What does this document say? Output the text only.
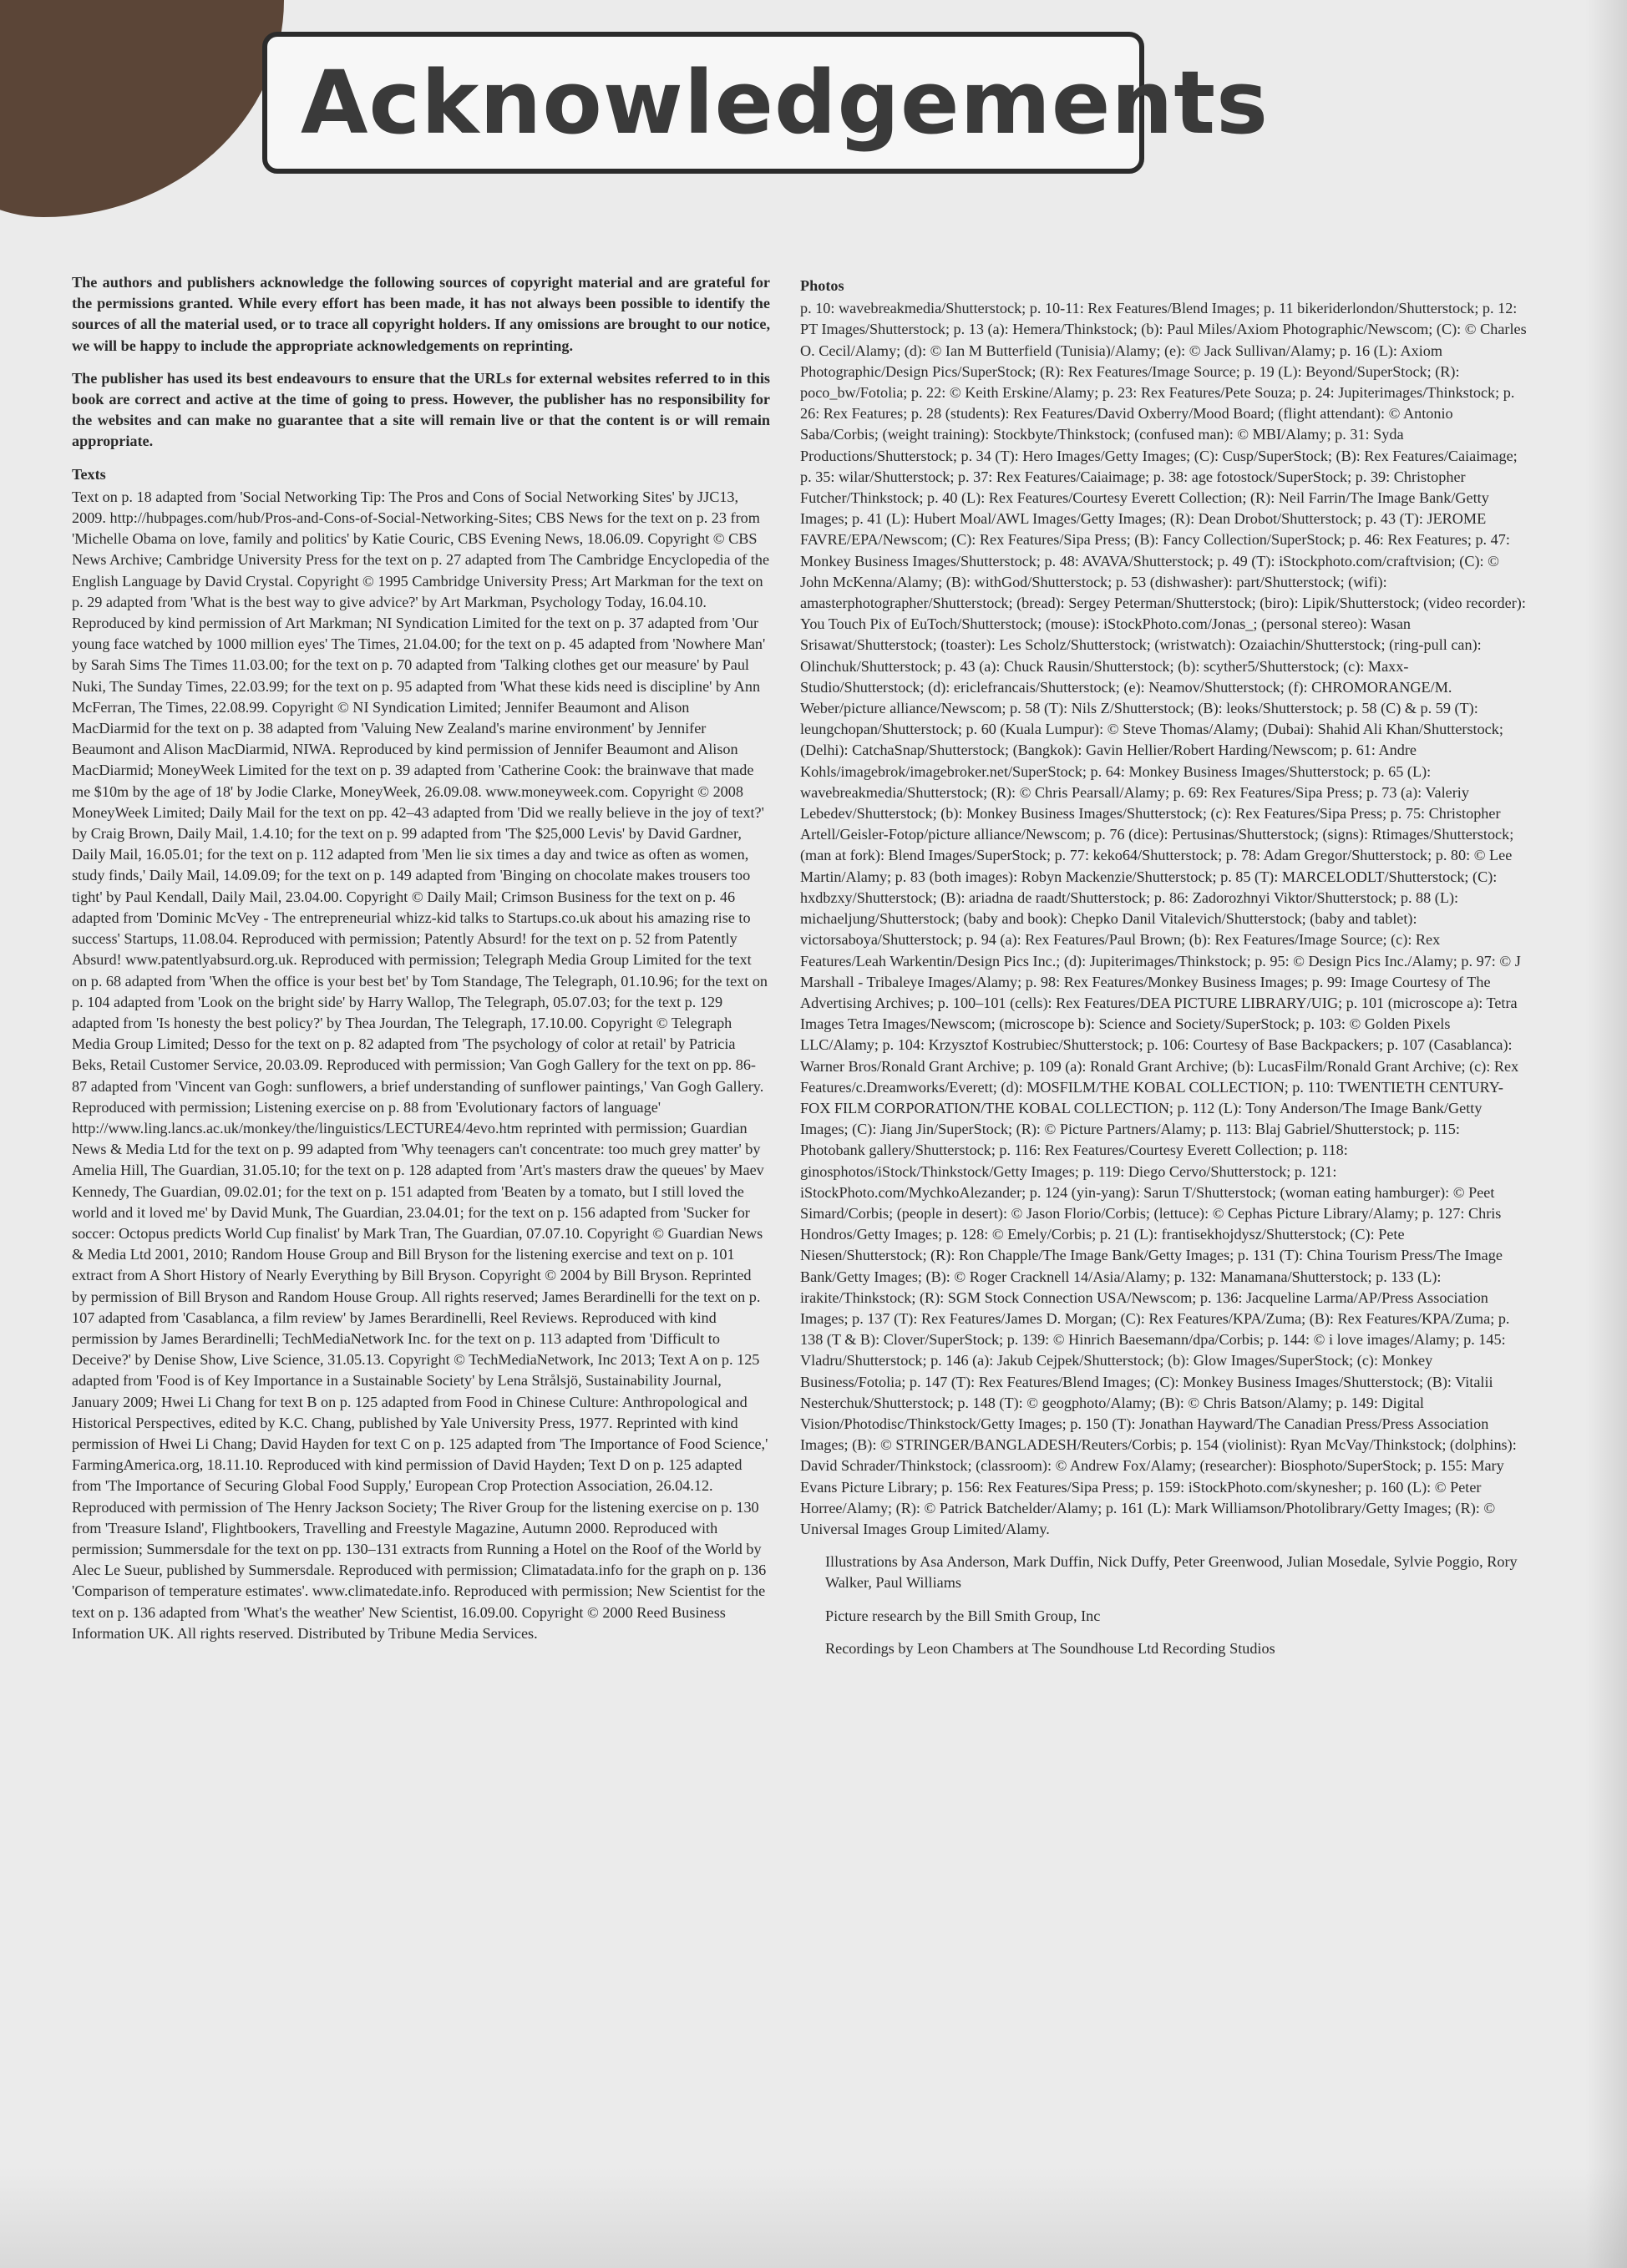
Acknowledgements

The authors and publishers acknowledge the following sources of copyright material and are grateful for the permissions granted. While every effort has been made, it has not always been possible to identify the sources of all the material used, or to trace all copyright holders. If any omissions are brought to our notice, we will be happy to include the appropriate acknowledgements on reprinting.

The publisher has used its best endeavours to ensure that the URLs for external websites referred to in this book are correct and active at the time of going to press. However, the publisher has no responsibility for the websites and can make no guarantee that a site will remain live or that the content is or will remain appropriate.

Texts

Text on p. 18 adapted from 'Social Networking Tip: The Pros and Cons of Social Networking Sites' by JJC13, 2009. http://hubpages.com/hub/Pros-and-Cons-of-Social-Networking-Sites; CBS News for the text on p. 23 from 'Michelle Obama on love, family and politics' by Katie Couric, CBS Evening News, 18.06.09. Copyright © CBS News Archive; Cambridge University Press for the text on p. 27 adapted from The Cambridge Encyclopedia of the English Language by David Crystal. Copyright © 1995 Cambridge University Press; Art Markman for the text on p. 29 adapted from 'What is the best way to give advice?' by Art Markman, Psychology Today, 16.04.10. Reproduced by kind permission of Art Markman; NI Syndication Limited for the text on p. 37 adapted from 'Our young face watched by 1000 million eyes' The Times, 21.04.00; for the text on p. 45 adapted from 'Nowhere Man' by Sarah Sims The Times 11.03.00; for the text on p. 70 adapted from 'Talking clothes get our measure' by Paul Nuki, The Sunday Times, 22.03.99; for the text on p. 95 adapted from 'What these kids need is discipline' by Ann McFerran, The Times, 22.08.99. Copyright © NI Syndication Limited; Jennifer Beaumont and Alison MacDiarmid for the text on p. 38 adapted from 'Valuing New Zealand's marine environment' by Jennifer Beaumont and Alison MacDiarmid, NIWA. Reproduced by kind permission of Jennifer Beaumont and Alison MacDiarmid; MoneyWeek Limited for the text on p. 39 adapted from 'Catherine Cook: the brainwave that made me $10m by the age of 18' by Jodie Clarke, MoneyWeek, 26.09.08. www.moneyweek.com. Copyright © 2008 MoneyWeek Limited; Daily Mail for the text on pp. 42–43 adapted from 'Did we really believe in the joy of text?' by Craig Brown, Daily Mail, 1.4.10; for the text on p. 99 adapted from 'The $25,000 Levis' by David Gardner, Daily Mail, 16.05.01; for the text on p. 112 adapted from 'Men lie six times a day and twice as often as women, study finds,' Daily Mail, 14.09.09; for the text on p. 149 adapted from 'Binging on chocolate makes trousers too tight' by Paul Kendall, Daily Mail, 23.04.00. Copyright © Daily Mail; Crimson Business for the text on p. 46 adapted from 'Dominic McVey - The entrepreneurial whizz-kid talks to Startups.co.uk about his amazing rise to success' Startups, 11.08.04. Reproduced with permission; Patently Absurd! for the text on p. 52 from Patently Absurd! www.patentlyabsurd.org.uk. Reproduced with permission; Telegraph Media Group Limited for the text on p. 68 adapted from 'When the office is your best bet' by Tom Standage, The Telegraph, 01.10.96; for the text on p. 104 adapted from 'Look on the bright side' by Harry Wallop, The Telegraph, 05.07.03; for the text p. 129 adapted from 'Is honesty the best policy?' by Thea Jourdan, The Telegraph, 17.10.00. Copyright © Telegraph Media Group Limited; Desso for the text on p. 82 adapted from 'The psychology of color at retail' by Patricia Beks, Retail Customer Service, 20.03.09. Reproduced with permission; Van Gogh Gallery for the text on pp. 86-87 adapted from 'Vincent van Gogh: sunflowers, a brief understanding of sunflower paintings,' Van Gogh Gallery. Reproduced with permission; Listening exercise on p. 88 from 'Evolutionary factors of language' http://www.ling.lancs.ac.uk/monkey/the/linguistics/LECTURE4/4evo.htm reprinted with permission; Guardian News & Media Ltd for the text on p. 99 adapted from 'Why teenagers can't concentrate: too much grey matter' by Amelia Hill, The Guardian, 31.05.10; for the text on p. 128 adapted from 'Art's masters draw the queues' by Maev Kennedy, The Guardian, 09.02.01; for the text on p. 151 adapted from 'Beaten by a tomato, but I still loved the world and it loved me' by David Munk, The Guardian, 23.04.01; for the text on p. 156 adapted from 'Sucker for soccer: Octopus predicts World Cup finalist' by Mark Tran, The Guardian, 07.07.10. Copyright © Guardian News & Media Ltd 2001, 2010; Random House Group and Bill Bryson for the listening exercise and text on p. 101 extract from A Short History of Nearly Everything by Bill Bryson. Copyright © 2004 by Bill Bryson. Reprinted by permission of Bill Bryson and Random House Group. All rights reserved; James Berardinelli for the text on p. 107 adapted from 'Casablanca, a film review' by James Berardinelli, Reel Reviews. Reproduced with kind permission by James Berardinelli; TechMediaNetwork Inc. for the text on p. 113 adapted from 'Difficult to Deceive?' by Denise Show, Live Science, 31.05.13. Copyright © TechMediaNetwork, Inc 2013; Text A on p. 125 adapted from 'Food is of Key Importance in a Sustainable Society' by Lena Strålsjö, Sustainability Journal, January 2009; Hwei Li Chang for text B on p. 125 adapted from Food in Chinese Culture: Anthropological and Historical Perspectives, edited by K.C. Chang, published by Yale University Press, 1977. Reprinted with kind permission of Hwei Li Chang; David Hayden for text C on p. 125 adapted from 'The Importance of Food Science,' FarmingAmerica.org, 18.11.10. Reproduced with kind permission of David Hayden; Text D on p. 125 adapted from 'The Importance of Securing Global Food Supply,' European Crop Protection Association, 26.04.12. Reproduced with permission of The Henry Jackson Society; The River Group for the listening exercise on p. 130 from 'Treasure Island', Flightbookers, Travelling and Freestyle Magazine, Autumn 2000. Reproduced with permission; Summersdale for the text on pp. 130–131 extracts from Running a Hotel on the Roof of the World by Alec Le Sueur, published by Summersdale. Reproduced with permission; Climatadata.info for the graph on p. 136 'Comparison of temperature estimates'. www.climatedate.info. Reproduced with permission; New Scientist for the text on p. 136 adapted from 'What's the weather' New Scientist, 16.09.00. Copyright © 2000 Reed Business Information UK. All rights reserved. Distributed by Tribune Media Services.

Photos

p. 10: wavebreakmedia/Shutterstock; p. 10-11: Rex Features/Blend Images; p. 11 bikeriderlondon/Shutterstock; p. 12: PT Images/Shutterstock; p. 13 (a): Hemera/Thinkstock; (b): Paul Miles/Axiom Photographic/Newscom; (C): © Charles O. Cecil/Alamy; (d): © Ian M Butterfield (Tunisia)/Alamy; (e): © Jack Sullivan/Alamy; p. 16 (L): Axiom Photographic/Design Pics/SuperStock; (R): Rex Features/Image Source; p. 19 (L): Beyond/SuperStock; (R): poco_bw/Fotolia; p. 22: © Keith Erskine/Alamy; p. 23: Rex Features/Pete Souza; p. 24: Jupiterimages/Thinkstock; p. 26: Rex Features; p. 28 (students): Rex Features/David Oxberry/Mood Board; (flight attendant): © Antonio Saba/Corbis; (weight training): Stockbyte/Thinkstock; (confused man): © MBI/Alamy; p. 31: Syda Productions/Shutterstock; p. 34 (T): Hero Images/Getty Images; (C): Cusp/SuperStock; (B): Rex Features/Caiaimage; p. 35: wilar/Shutterstock; p. 37: Rex Features/Caiaimage; p. 38: age fotostock/SuperStock; p. 39: Christopher Futcher/Thinkstock; p. 40 (L): Rex Features/Courtesy Everett Collection; (R): Neil Farrin/The Image Bank/Getty Images; p. 41 (L): Hubert Moal/AWL Images/Getty Images; (R): Dean Drobot/Shutterstock; p. 43 (T): JEROME FAVRE/EPA/Newscom; (C): Rex Features/Sipa Press; (B): Fancy Collection/SuperStock; p. 46: Rex Features; p. 47: Monkey Business Images/Shutterstock; p. 48: AVAVA/Shutterstock; p. 49 (T): iStockphoto.com/craftvision; (C): © John McKenna/Alamy; (B): withGod/Shutterstock; p. 53 (dishwasher): part/Shutterstock; (wifi): amasterphotographer/Shutterstock; (bread): Sergey Peterman/Shutterstock; (biro): Lipik/Shutterstock; (video recorder): You Touch Pix of EuToch/Shutterstock; (mouse): iStockPhoto.com/Jonas_; (personal stereo): Wasan Srisawat/Shutterstock; (toaster): Les Scholz/Shutterstock; (wristwatch): Ozaiachin/Shutterstock; (ring-pull can): Olinchuk/Shutterstock; p. 43 (a): Chuck Rausin/Shutterstock; (b): scyther5/Shutterstock; (c): Maxx-Studio/Shutterstock; (d): ericlefrancais/Shutterstock; (e): Neamov/Shutterstock; (f): CHROMORANGE/M. Weber/picture alliance/Newscom; p. 58 (T): Nils Z/Shutterstock; (B): leoks/Shutterstock; p. 58 (C) & p. 59 (T): leungchopan/Shutterstock; p. 60 (Kuala Lumpur): © Steve Thomas/Alamy; (Dubai): Shahid Ali Khan/Shutterstock; (Delhi): CatchaSnap/Shutterstock; (Bangkok): Gavin Hellier/Robert Harding/Newscom; p. 61: Andre Kohls/imagebrok/imagebroker.net/SuperStock; p. 64: Monkey Business Images/Shutterstock; p. 65 (L): wavebreakmedia/Shutterstock; (R): © Chris Pearsall/Alamy; p. 69: Rex Features/Sipa Press; p. 73 (a): Valeriy Lebedev/Shutterstock; (b): Monkey Business Images/Shutterstock; (c): Rex Features/Sipa Press; p. 75: Christopher Artell/Geisler-Fotop/picture alliance/Newscom; p. 76 (dice): Pertusinas/Shutterstock; (signs): Rtimages/Shutterstock; (man at fork): Blend Images/SuperStock; p. 77: keko64/Shutterstock; p. 78: Adam Gregor/Shutterstock; p. 80: © Lee Martin/Alamy; p. 83 (both images): Robyn Mackenzie/Shutterstock; p. 85 (T): MARCELODLT/Shutterstock; (C): hxdbzxy/Shutterstock; (B): ariadna de raadt/Shutterstock; p. 86: Zadorozhnyi Viktor/Shutterstock; p. 88 (L): michaeljung/Shutterstock; (baby and book): Chepko Danil Vitalevich/Shutterstock; (baby and tablet): victorsaboya/Shutterstock; p. 94 (a): Rex Features/Paul Brown; (b): Rex Features/Image Source; (c): Rex Features/Leah Warkentin/Design Pics Inc.; (d): Jupiterimages/Thinkstock; p. 95: © Design Pics Inc./Alamy; p. 97: © J Marshall - Tribaleye Images/Alamy; p. 98: Rex Features/Monkey Business Images; p. 99: Image Courtesy of The Advertising Archives; p. 100–101 (cells): Rex Features/DEA PICTURE LIBRARY/UIG; p. 101 (microscope a): Tetra Images Tetra Images/Newscom; (microscope b): Science and Society/SuperStock; p. 103: © Golden Pixels LLC/Alamy; p. 104: Krzysztof Kostrubiec/Shutterstock; p. 106: Courtesy of Base Backpackers; p. 107 (Casablanca): Warner Bros/Ronald Grant Archive; p. 109 (a): Ronald Grant Archive; (b): LucasFilm/Ronald Grant Archive; (c): Rex Features/c.Dreamworks/Everett; (d): MOSFILM/THE KOBAL COLLECTION; p. 110: TWENTIETH CENTURY-FOX FILM CORPORATION/THE KOBAL COLLECTION; p. 112 (L): Tony Anderson/The Image Bank/Getty Images; (C): Jiang Jin/SuperStock; (R): © Picture Partners/Alamy; p. 113: Blaj Gabriel/Shutterstock; p. 115: Photobank gallery/Shutterstock; p. 116: Rex Features/Courtesy Everett Collection; p. 118: ginosphotos/iStock/Thinkstock/Getty Images; p. 119: Diego Cervo/Shutterstock; p. 121: iStockPhoto.com/MychkoAlezander; p. 124 (yin-yang): Sarun T/Shutterstock; (woman eating hamburger): © Peet Simard/Corbis; (people in desert): © Jason Florio/Corbis; (lettuce): © Cephas Picture Library/Alamy; p. 127: Chris Hondros/Getty Images; p. 128: © Emely/Corbis; p. 21 (L): frantisekhojdysz/Shutterstock; (C): Pete Niesen/Shutterstock; (R): Ron Chapple/The Image Bank/Getty Images; p. 131 (T): China Tourism Press/The Image Bank/Getty Images; (B): © Roger Cracknell 14/Asia/Alamy; p. 132: Manamana/Shutterstock; p. 133 (L): irakite/Thinkstock; (R): SGM Stock Connection USA/Newscom; p. 136: Jacqueline Larma/AP/Press Association Images; p. 137 (T): Rex Features/James D. Morgan; (C): Rex Features/KPA/Zuma; (B): Rex Features/KPA/Zuma; p. 138 (T & B): Clover/SuperStock; p. 139: © Hinrich Baesemann/dpa/Corbis; p. 144: © i love images/Alamy; p. 145: Vladru/Shutterstock; p. 146 (a): Jakub Cejpek/Shutterstock; (b): Glow Images/SuperStock; (c): Monkey Business/Fotolia; p. 147 (T): Rex Features/Blend Images; (C): Monkey Business Images/Shutterstock; (B): Vitalii Nesterchuk/Shutterstock; p. 148 (T): © geogphoto/Alamy; (B): © Chris Batson/Alamy; p. 149: Digital Vision/Photodisc/Thinkstock/Getty Images; p. 150 (T): Jonathan Hayward/The Canadian Press/Press Association Images; (B): © STRINGER/BANGLADESH/Reuters/Corbis; p. 154 (violinist): Ryan McVay/Thinkstock; (dolphins): David Schrader/Thinkstock; (classroom): © Andrew Fox/Alamy; (researcher): Biosphoto/SuperStock; p. 155: Mary Evans Picture Library; p. 156: Rex Features/Sipa Press; p. 159: iStockPhoto.com/skynesher; p. 160 (L): © Peter Horree/Alamy; (R): © Patrick Batchelder/Alamy; p. 161 (L): Mark Williamson/Photolibrary/Getty Images; (R): © Universal Images Group Limited/Alamy.

Illustrations by Asa Anderson, Mark Duffin, Nick Duffy, Peter Greenwood, Julian Mosedale, Sylvie Poggio, Rory Walker, Paul Williams

Picture research by the Bill Smith Group, Inc

Recordings by Leon Chambers at The Soundhouse Ltd Recording Studios
